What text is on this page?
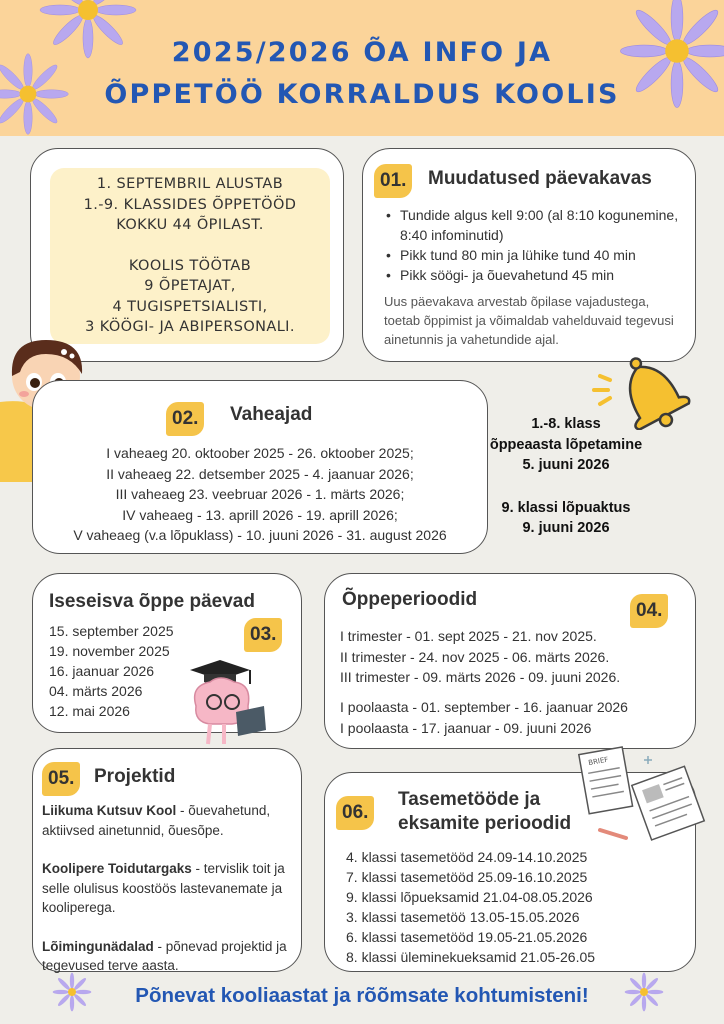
2025/2026 ÕA INFO JA
ÕPPETÖÖ KORRALDUS KOOLIS
1. SEPTEMBRIL ALUSTAB
1.-9. KLASSIDES ÕPPETÖÖD
KOKKU 44 ÕPILAST.
KOOLIS TÖÖTAB
9 ÕPETAJAT,
4 TUGISPETSIALISTI,
3 KÖÖGI- JA ABIPERSONALI.
01.	Muudatused päevakavas
• Tundide algus kell 9:00 (al 8:10 kogunemine, 8:40 infominutid)
• Pikk tund 80 min ja lühike tund 40 min
• Pikk söögi- ja õuevahetund 45 min
Uus päevakava arvestab õpilase vajadustega, toetab õppimist ja võimaldab vahelduvaid tegevusi ainetunnis ja vahetundide ajal.
02.	Vaheajad
I vaheaeg 20. oktoober 2025 - 26. oktoober 2025;
II vaheaeg 22. detsember 2025 - 4. jaanuar 2026;
III vaheaeg 23. veebruar 2026 - 1. märts 2026;
IV vaheaeg - 13. aprill 2026 - 19. aprill 2026;
V vaheaeg (v.a lõpuklass) - 10. juuni 2026 - 31. august 2026
1.-8. klass
õppeaasta lõpetamine
5. juuni 2026
9. klassi lõpuaktus
9. juuni 2026
Iseseisva õppe päevad
03.
15. september 2025
19. november 2025
16. jaanuar 2026
04. märts 2026
12. mai 2026
Õppeperioodid
04.
I trimester - 01. sept 2025 - 21. nov 2025.
II trimester - 24. nov 2025 - 06. märts 2026.
III trimester - 09. märts 2026 - 09. juuni 2026.
I poolaasta - 01. september - 16. jaanuar 2026
I poolaasta - 17. jaanuar - 09. juuni 2026
05.	Projektid
Liikuma Kutsuv Kool - õuevahetund, aktiivsed ainetunnid, õuesõpe.
Koolipere Toidutargaks - tervislik toit ja selle olulisus koostöös lastevanemate ja kooliperega.
Lõimingunädalad - põnevad projektid ja tegevused terve aasta.
06.
Tasemetööde ja
eksamite perioodid
4. klassi tasemetööd 24.09-14.10.2025
7. klassi tasemetööd 25.09-16.10.2025
9. klassi lõpueksamid 21.04-08.05.2026
3. klassi tasemetöö 13.05-15.05.2026
6. klassi tasemetööd 19.05-21.05.2026
8. klassi üleminekueksamid 21.05-26.05
BRIEF
Põnevat kooliaastat ja rõõmsate kohtumisteni!
